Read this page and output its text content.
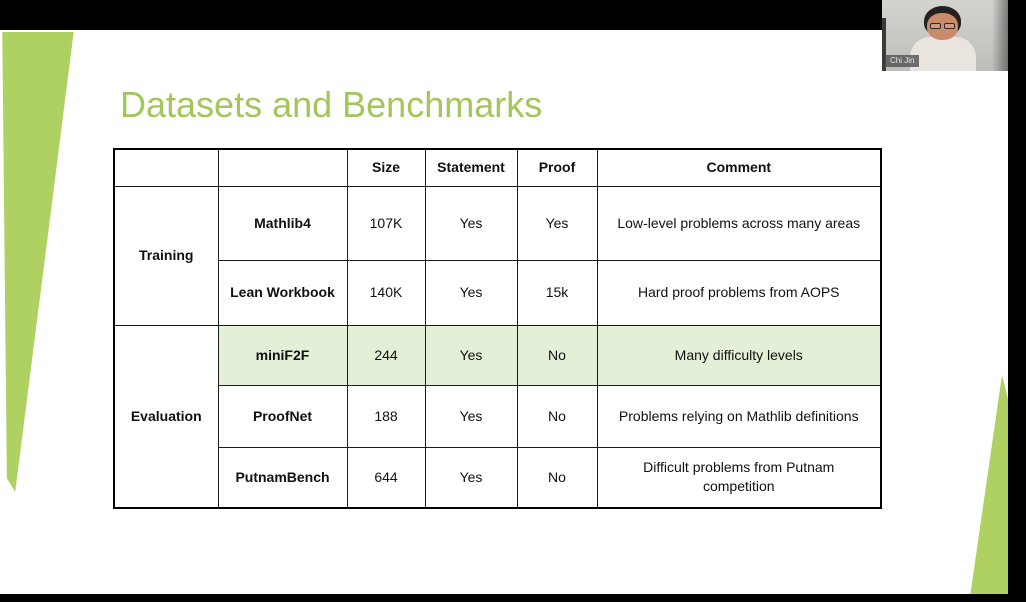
Datasets and Benchmarks
		Size	Statement	Proof	Comment
Training	Mathlib4	107K	Yes	Yes	Low-level problems across many areas
	Lean Workbook	140K	Yes	15k	Hard proof problems from AOPS
Evaluation	miniF2F	244	Yes	No	Many difficulty levels
	ProofNet	188	Yes	No	Problems relying on Mathlib definitions
	PutnamBench	644	Yes	No	Difficult problems from Putnam competition
Chi Jin
